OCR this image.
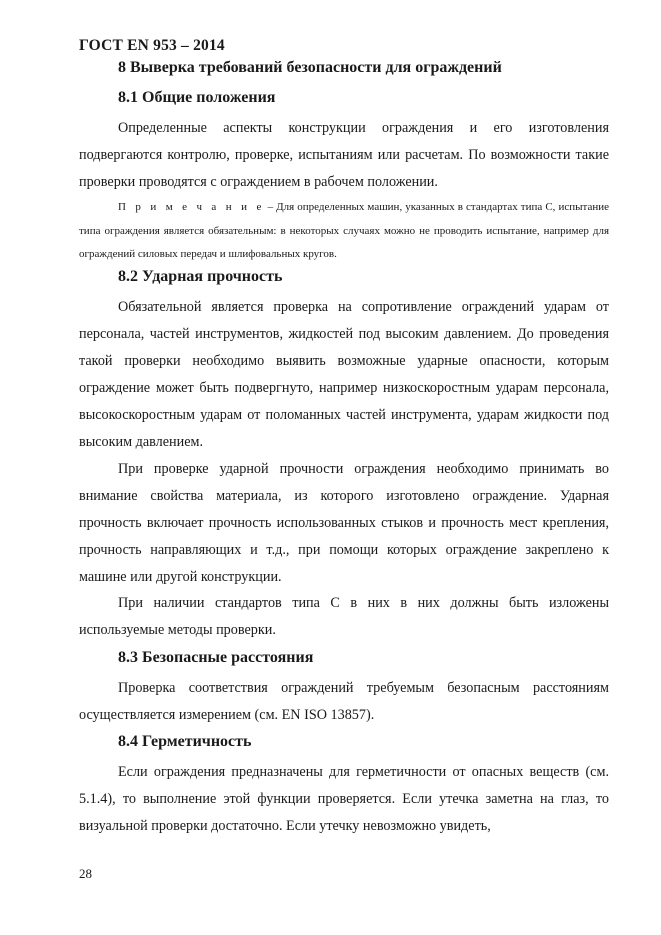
ГОСТ EN 953 – 2014
8 Выверка требований безопасности для ограждений
8.1 Общие положения

Определенные аспекты конструкции ограждения и его изготовления подвергаются контролю, проверке, испытаниям или расчетам. По возможности такие проверки проводятся с ограждением в рабочем положении.

П р и м е ч а н и е – Для определенных машин, указанных в стандартах типа С, испытание типа ограждения является обязательным: в некоторых случаях можно не проводить испытание, например для ограждений силовых передач и шлифовальных кругов.

8.2 Ударная прочность

Обязательной является проверка на сопротивление ограждений ударам от персонала, частей инструментов, жидкостей под высоким давлением. До проведения такой проверки необходимо выявить возможные ударные опасности, которым ограждение может быть подвергнуто, например низкоскоростным ударам персонала, высокоскоростным ударам от поломанных частей инструмента, ударам жидкости под высоким давлением.

При проверке ударной прочности ограждения необходимо принимать во внимание свойства материала, из которого изготовлено ограждение. Ударная прочность включает прочность использованных стыков и прочность мест крепления, прочность направляющих и т.д., при помощи которых ограждение закреплено к машине или другой конструкции.

При наличии стандартов типа С в них в них должны быть изложены используемые методы проверки.

8.3 Безопасные расстояния

Проверка соответствия ограждений требуемым безопасным расстояниям осуществляется измерением (см. EN ISO 13857).

8.4 Герметичность

Если ограждения предназначены для герметичности от опасных веществ (см. 5.1.4), то выполнение этой функции проверяется. Если утечка заметна на глаз, то визуальной проверки достаточно. Если утечку невозможно увидеть,

28
